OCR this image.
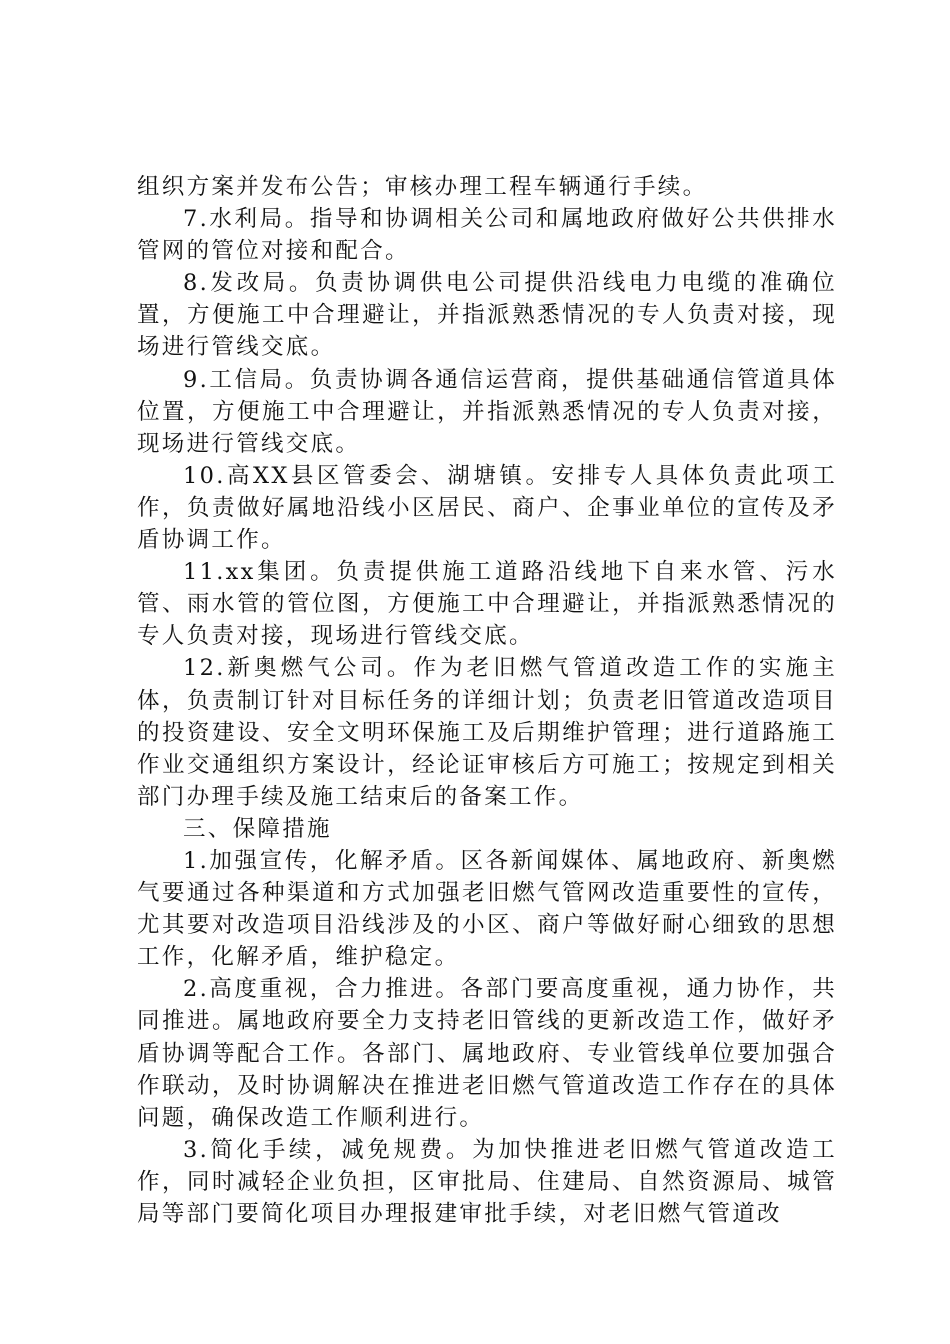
组织方案并发布公告；审核办理工程车辆通行手续。

7.水利局。指导和协调相关公司和属地政府做好公共供排水管网的管位对接和配合。

8.发改局。负责协调供电公司提供沿线电力电缆的准确位置，方便施工中合理避让，并指派熟悉情况的专人负责对接，现场进行管线交底。

9.工信局。负责协调各通信运营商，提供基础通信管道具体位置，方便施工中合理避让，并指派熟悉情况的专人负责对接，现场进行管线交底。

10.高XX县区管委会、湖塘镇。安排专人具体负责此项工作，负责做好属地沿线小区居民、商户、企事业单位的宣传及矛盾协调工作。

11.xx集团。负责提供施工道路沿线地下自来水管、污水管、雨水管的管位图，方便施工中合理避让，并指派熟悉情况的专人负责对接，现场进行管线交底。

12.新奥燃气公司。作为老旧燃气管道改造工作的实施主体，负责制订针对目标任务的详细计划；负责老旧管道改造项目的投资建设、安全文明环保施工及后期维护管理；进行道路施工作业交通组织方案设计，经论证审核后方可施工；按规定到相关部门办理手续及施工结束后的备案工作。

三、保障措施

1.加强宣传，化解矛盾。区各新闻媒体、属地政府、新奥燃气要通过各种渠道和方式加强老旧燃气管网改造重要性的宣传，尤其要对改造项目沿线涉及的小区、商户等做好耐心细致的思想工作，化解矛盾，维护稳定。

2.高度重视，合力推进。各部门要高度重视，通力协作，共同推进。属地政府要全力支持老旧管线的更新改造工作，做好矛盾协调等配合工作。各部门、属地政府、专业管线单位要加强合作联动，及时协调解决在推进老旧燃气管道改造工作存在的具体问题，确保改造工作顺利进行。

3.简化手续，减免规费。为加快推进老旧燃气管道改造工作，同时减轻企业负担，区审批局、住建局、自然资源局、城管局等部门要简化项目办理报建审批手续，对老旧燃气管道改
